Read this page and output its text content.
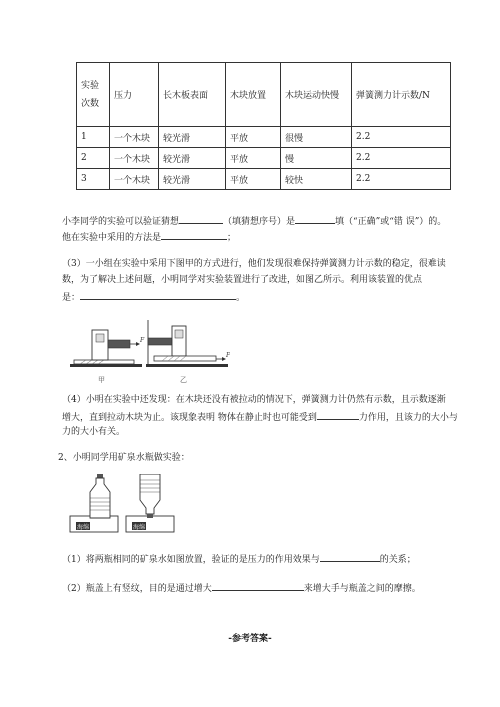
实验次数	压力	长木板表面	木块放置	木块运动快慢	弹簧测力计示数/N
1	一个木块	较光滑	平放	很慢	2.2
2	一个木块	较光滑	平放	慢	2.2
3	一个木块	较光滑	平放	较快	2.2
小李同学的实验可以验证猜想	（填猜想序号）是	填（“正确”或“错 误”）的。
他在实验中采用的方法是	；
（3）一小组在实验中采用下图甲的方式进行，他们发现很难保持弹簧测力计示数的稳定，很难读
数，为了解决上述问题，小明同学对实验装置进行了改进，如图乙所示。利用该装置的优点
是：	。
甲	乙
F
F
（4）小明在实验中还发现：在木块还没有被拉动的情况下，弹簧测力计仍然有示数，且示数逐渐
增大，直到拉动木块为止。该现象表明 物体在静止时也可能受到	力作用，且该力的大小与
力的大小有关。
2、小明同学用矿泉水瓶做实验：
海绵	海绵
（1）将两瓶相同的矿泉水如图放置，验证的是压力的作用效果与	的关系；
（2）瓶盖上有竖纹，目的是通过增大	来增大手与瓶盖之间的摩擦。
-参考答案-
